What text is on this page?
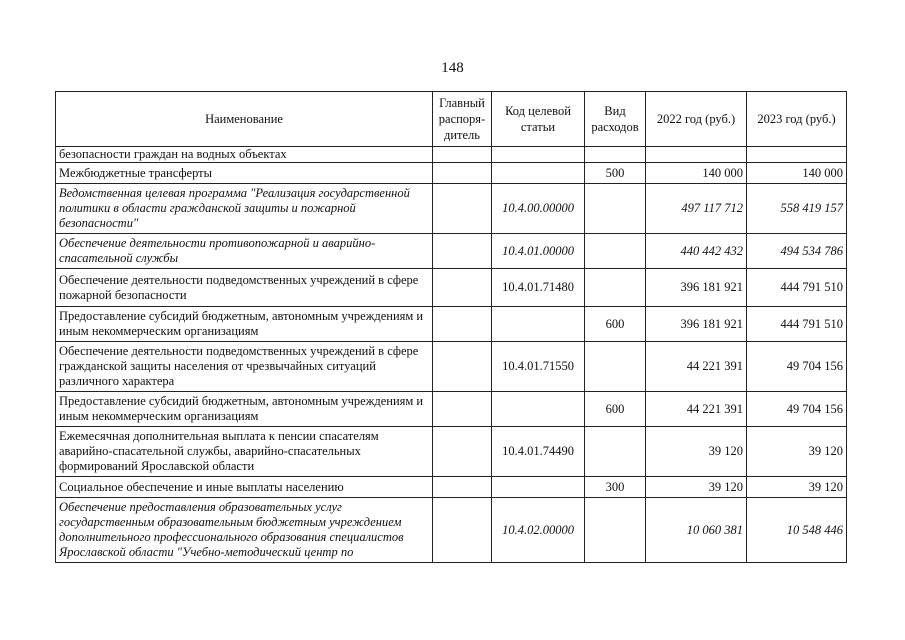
148
Наименование	Главный распоря-дитель	Код целевой статьи	Вид расходов	2022 год (руб.)	2023 год (руб.)
безопасности граждан на водных объектах					
Межбюджетные трансферты			500	140 000	140 000
Ведомственная целевая программа "Реализация государственной политики в области гражданской защиты и пожарной безопасности"		10.4.00.00000		497 117 712	558 419 157
Обеспечение деятельности противопожарной и аварийно-спасательной службы		10.4.01.00000		440 442 432	494 534 786
Обеспечение деятельности подведомственных учреждений в сфере пожарной безопасности		10.4.01.71480		396 181 921	444 791 510
Предоставление субсидий бюджетным, автономным учреждениям и иным некоммерческим организациям			600	396 181 921	444 791 510
Обеспечение деятельности подведомственных учреждений в сфере гражданской защиты населения от чрезвычайных ситуаций различного характера		10.4.01.71550		44 221 391	49 704 156
Предоставление субсидий бюджетным, автономным учреждениям и иным некоммерческим организациям			600	44 221 391	49 704 156
Ежемесячная дополнительная выплата к пенсии спасателям аварийно-спасательной службы, аварийно-спасательных формирований Ярославской области		10.4.01.74490		39 120	39 120
Социальное обеспечение и иные выплаты населению			300	39 120	39 120
Обеспечение предоставления образовательных услуг государственным образовательным бюджетным учреждением дополнительного профессионального образования специалистов Ярославской области "Учебно-методический центр по		10.4.02.00000		10 060 381	10 548 446
